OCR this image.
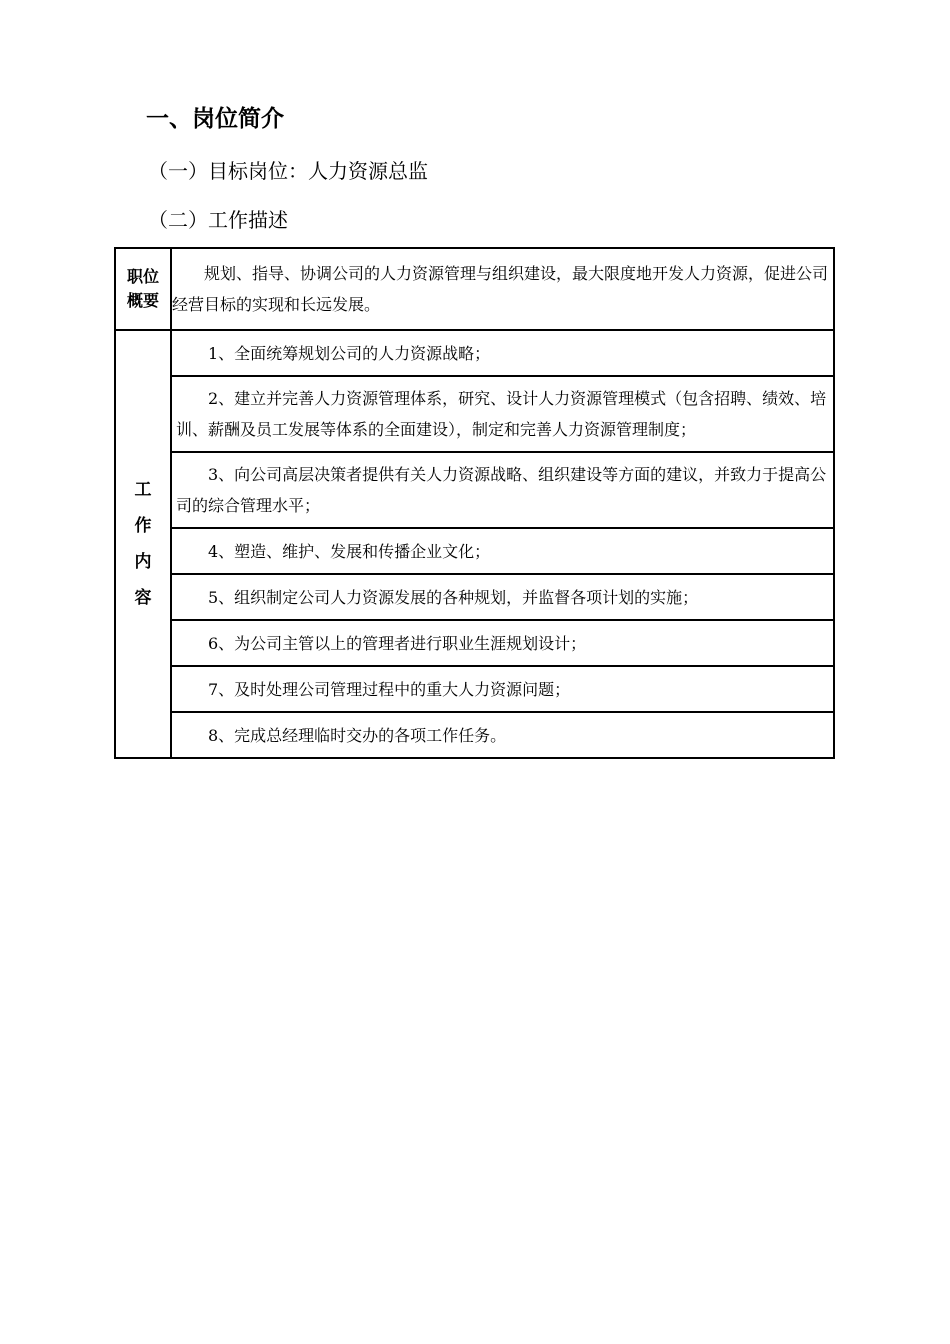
一、岗位简介

（一）目标岗位：人力资源总监

（二）工作描述

职位
概要	规划、指导、协调公司的人力资源管理与组织建设，最大限度地开发人力资源，促进公司经营目标的实现和长远发展。

工
作
内
容	1、全面统筹规划公司的人力资源战略；
	2、建立并完善人力资源管理体系，研究、设计人力资源管理模式（包含招聘、绩效、培训、薪酬及员工发展等体系的全面建设），制定和完善人力资源管理制度；
	3、向公司高层决策者提供有关人力资源战略、组织建设等方面的建议，并致力于提高公司的综合管理水平；
	4、塑造、维护、发展和传播企业文化；
	5、组织制定公司人力资源发展的各种规划，并监督各项计划的实施；
	6、为公司主管以上的管理者进行职业生涯规划设计；
	7、及时处理公司管理过程中的重大人力资源问题；
	8、完成总经理临时交办的各项工作任务。
